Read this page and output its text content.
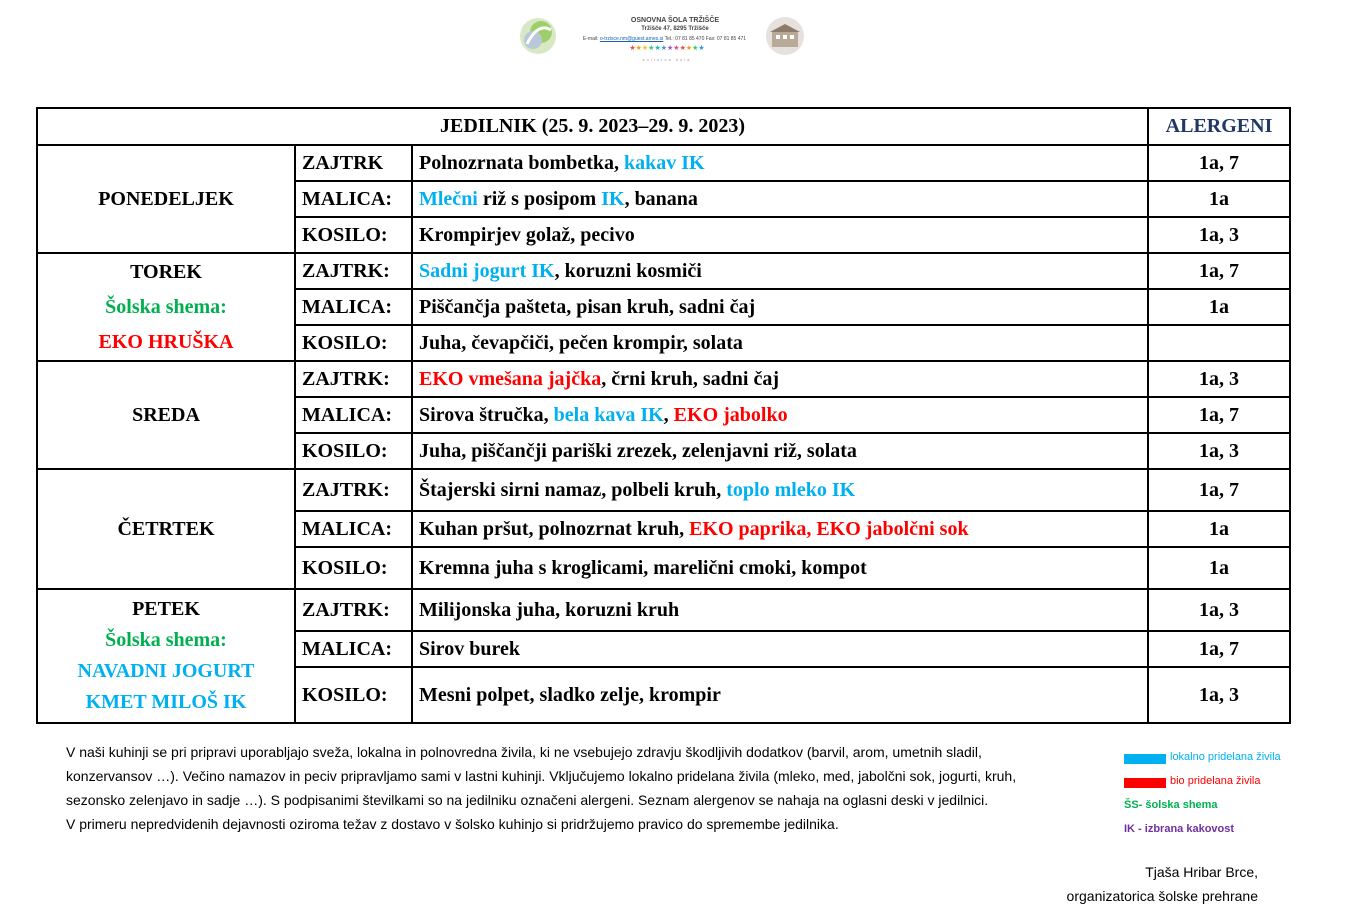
OSNOVNA ŠOLA TRŽIŠČE
Tržišče 47, 8295 Tržišče
E-mail: o-trzisce.nm@guest.arnes.si Tel.: 07 81 85 470 Fax: 07 81 85 471
★★★★★★★★★★★★
kulturna šola
JEDILNIK (25. 9. 2023–29. 9. 2023)			ALERGENI

PONEDELJEK	ZAJTRK	Polnozrnata bombetka, kakav IK	1a, 7
	MALICA:	Mlečni riž s posipom IK, banana	1a
	KOSILO:	Krompirjev golaž, pecivo	1a, 3

TOREK
Šolska shema:
EKO HRUŠKA	ZAJTRK:	Sadni jogurt IK, koruzni kosmiči	1a, 7
	MALICA:	Piščančja pašteta, pisan kruh, sadni čaj	1a
	KOSILO:	Juha, čevapčiči, pečen krompir, solata	

SREDA	ZAJTRK:	EKO vmešana jajčka, črni kruh, sadni čaj	1a, 3
	MALICA:	Sirova štručka, bela kava IK, EKO jabolko	1a, 7
	KOSILO:	Juha, piščančji pariški zrezek, zelenjavni riž, solata	1a, 3

ČETRTEK	ZAJTRK:	Štajerski sirni namaz, polbeli kruh, toplo mleko IK	1a, 7
	MALICA:	Kuhan pršut, polnozrnat kruh, EKO paprika, EKO jabolčni sok	1a
	KOSILO:	Kremna juha s kroglicami, marelični cmoki, kompot	1a

PETEK
Šolska shema:
NAVADNI JOGURT
KMET MILOŠ IK	ZAJTRK:	Milijonska juha, koruzni kruh	1a, 3
	MALICA:	Sirov burek	1a, 7
	KOSILO:	Mesni polpet, sladko zelje, krompir	1a, 3

V naši kuhinji se pri pripravi uporabljajo sveža, lokalna in polnovredna živila, ki ne vsebujejo zdravju škodljivih dodatkov (barvil, arom, umetnih sladil,

konzervansov …). Večino namazov in peciv pripravljamo sami v lastni kuhinji. Vključujemo lokalno pridelana živila (mleko, med, jabolčni sok, jogurti, kruh,

sezonsko zelenjavo in sadje …). S podpisanimi številkami so na jedilniku označeni alergeni. Seznam alergenov se nahaja na oglasni deski v jedilnici.

V primeru nepredvidenih dejavnosti oziroma težav z dostavo v šolsko kuhinjo si pridržujemo pravico do spremembe jedilnika.

lokalno pridelana živila
bio pridelana živila
ŠS- šolska shema
IK - izbrana kakovost
Tjaša Hribar Brce,
organizatorica šolske prehrane
